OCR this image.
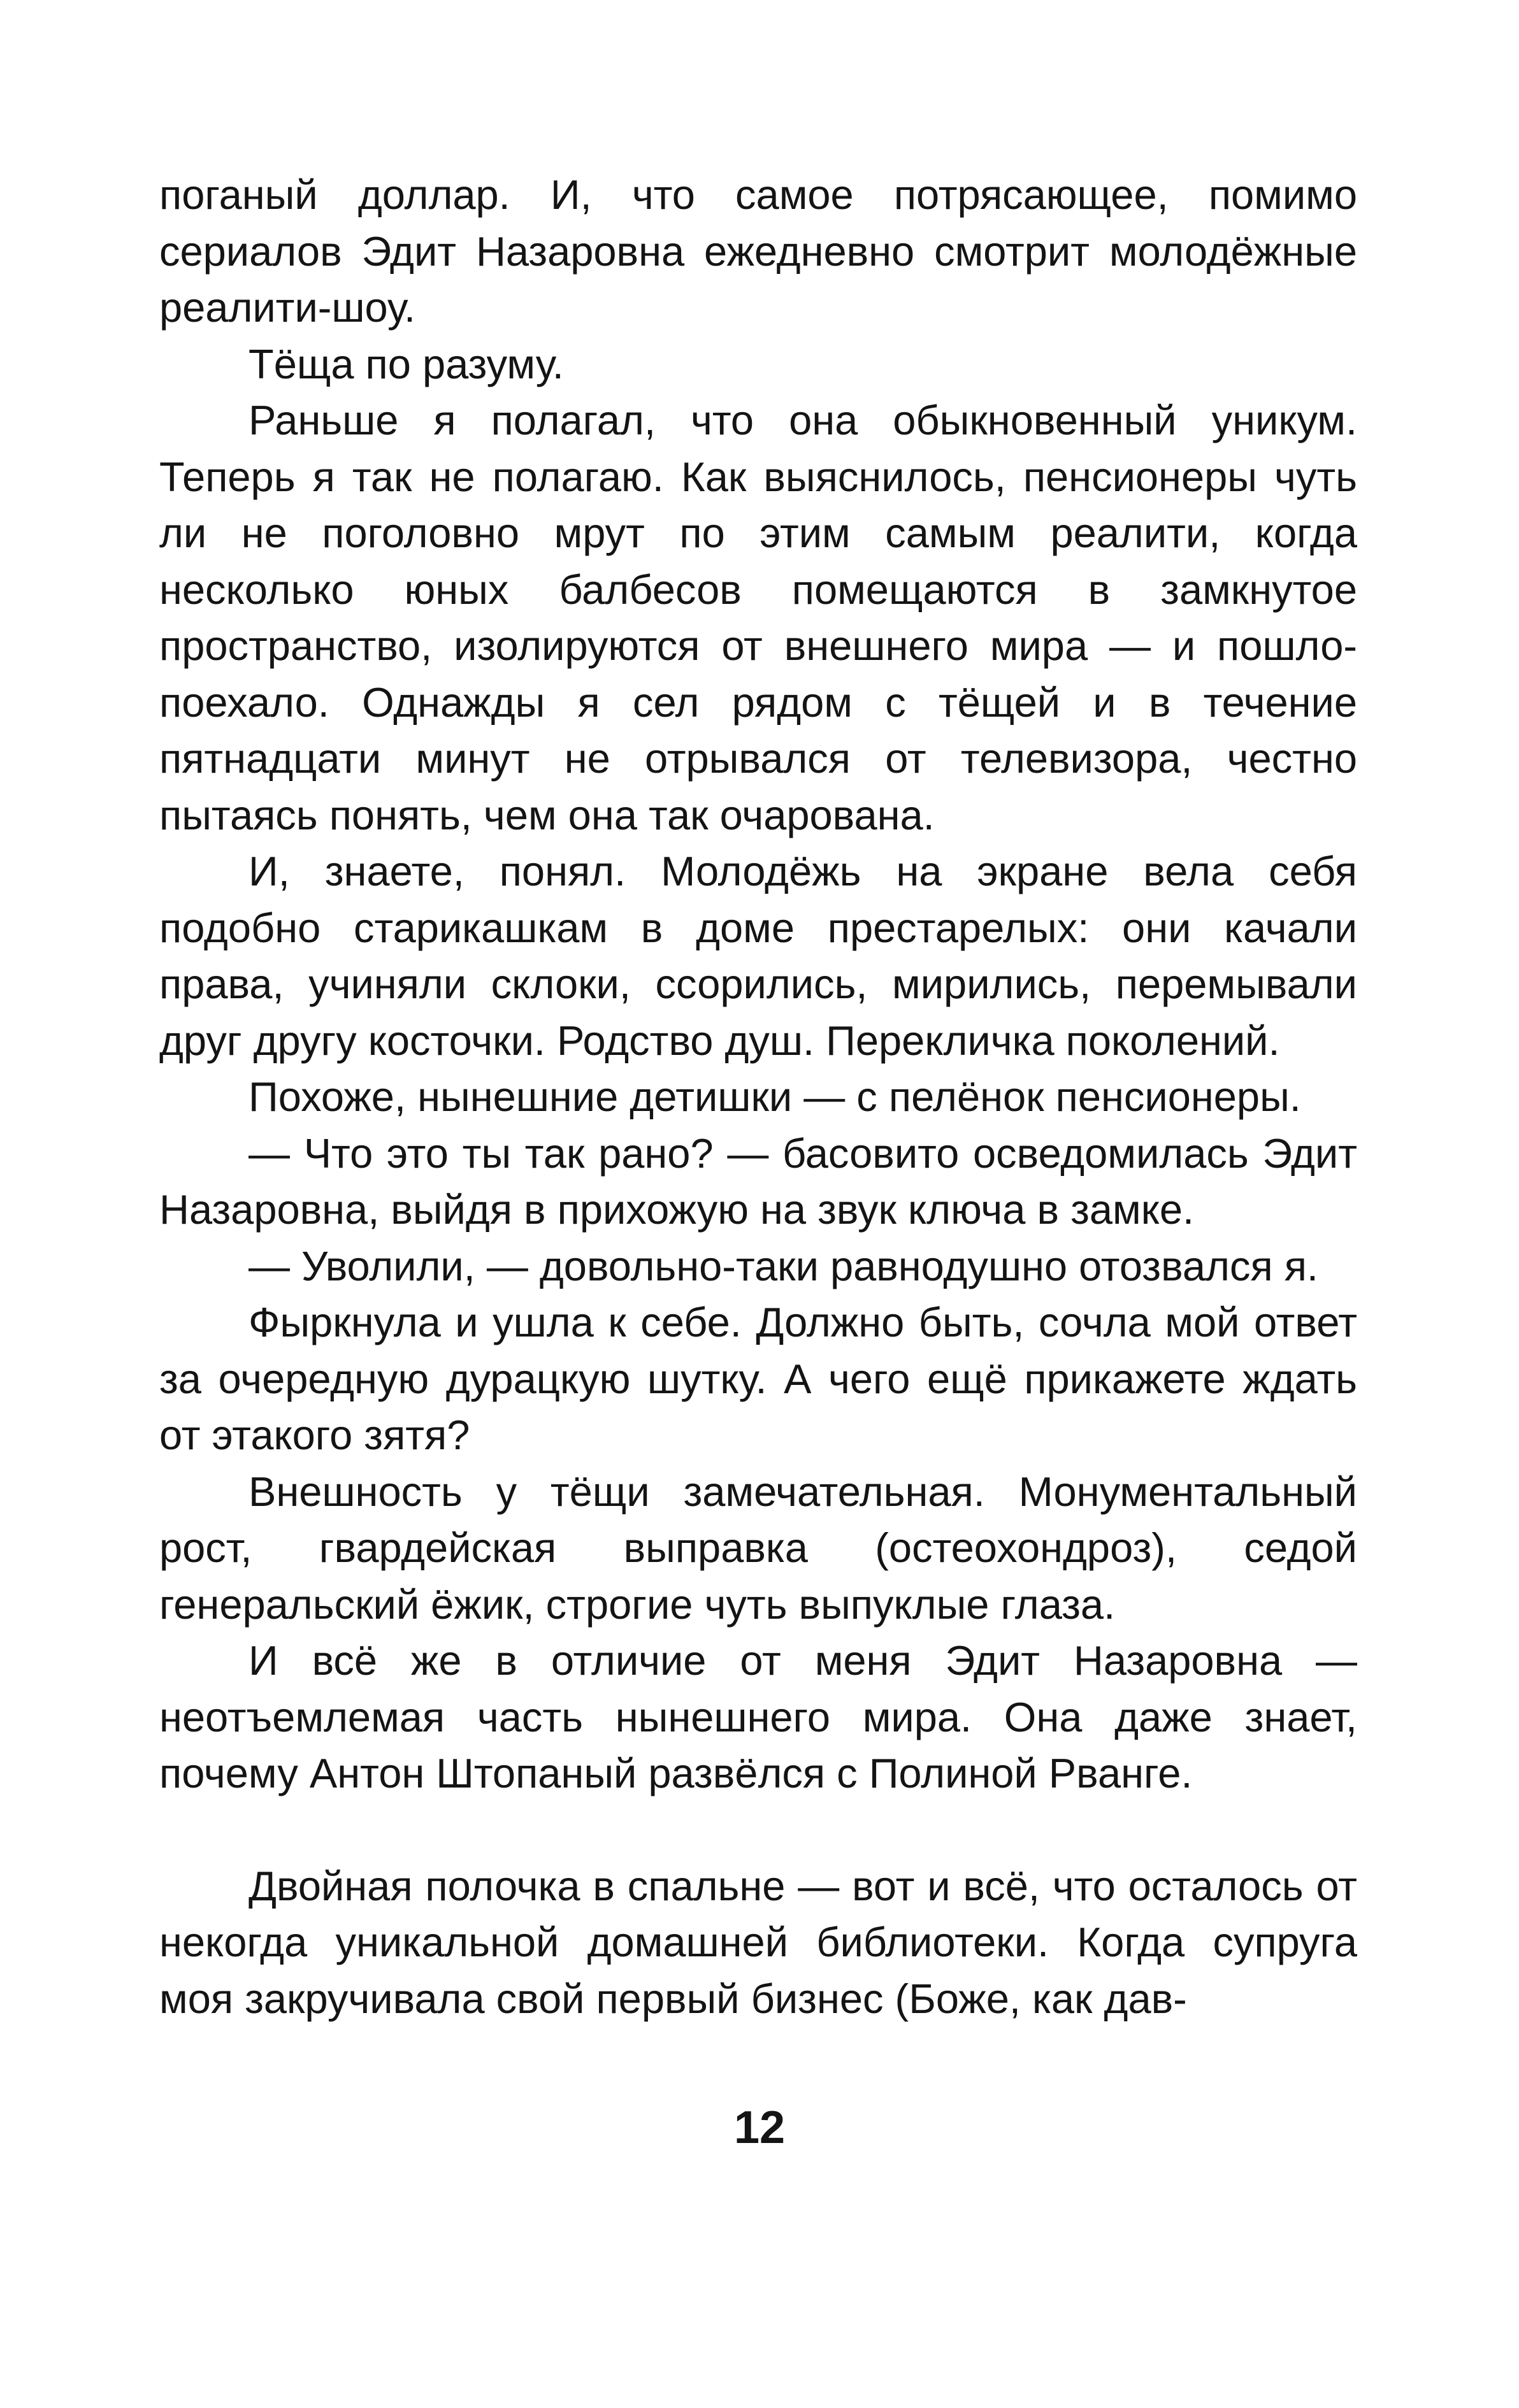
поганый доллар. И, что самое потрясающее, помимо сериалов Эдит Назаровна ежедневно смотрит молодёжные реалити-шоу.

Тёща по разуму.

Раньше я полагал, что она обыкновенный уникум. Теперь я так не полагаю. Как выяснилось, пенсионеры чуть ли не поголовно мрут по этим самым реалити, когда несколько юных балбесов помещаются в замкнутое пространство, изолируются от внешнего мира — и пошло-поехало. Однажды я сел рядом с тёщей и в течение пятнадцати минут не отрывался от телевизора, честно пытаясь понять, чем она так очарована.

И, знаете, понял. Молодёжь на экране вела себя подобно старикашкам в доме престарелых: они качали права, учиняли склоки, ссорились, мирились, перемывали друг другу косточки. Родство душ. Перекличка поколений.

Похоже, нынешние детишки — с пелёнок пенсионеры.

— Что это ты так рано? — басовито осведомилась Эдит Назаровна, выйдя в прихожую на звук ключа в замке.

— Уволили, — довольно-таки равнодушно отозвался я.

Фыркнула и ушла к себе. Должно быть, сочла мой ответ за очередную дурацкую шутку. А чего ещё прикажете ждать от этакого зятя?

Внешность у тёщи замечательная. Монументальный рост, гвардейская выправка (остеохондроз), седой генеральский ёжик, строгие чуть выпуклые глаза.

И всё же в отличие от меня Эдит Назаровна — неотъемлемая часть нынешнего мира. Она даже знает, почему Антон Штопаный развёлся с Полиной Рванге.

Двойная полочка в спальне — вот и всё, что осталось от некогда уникальной домашней библиотеки. Когда супруга моя закручивала свой первый бизнес (Боже, как дав-

12
